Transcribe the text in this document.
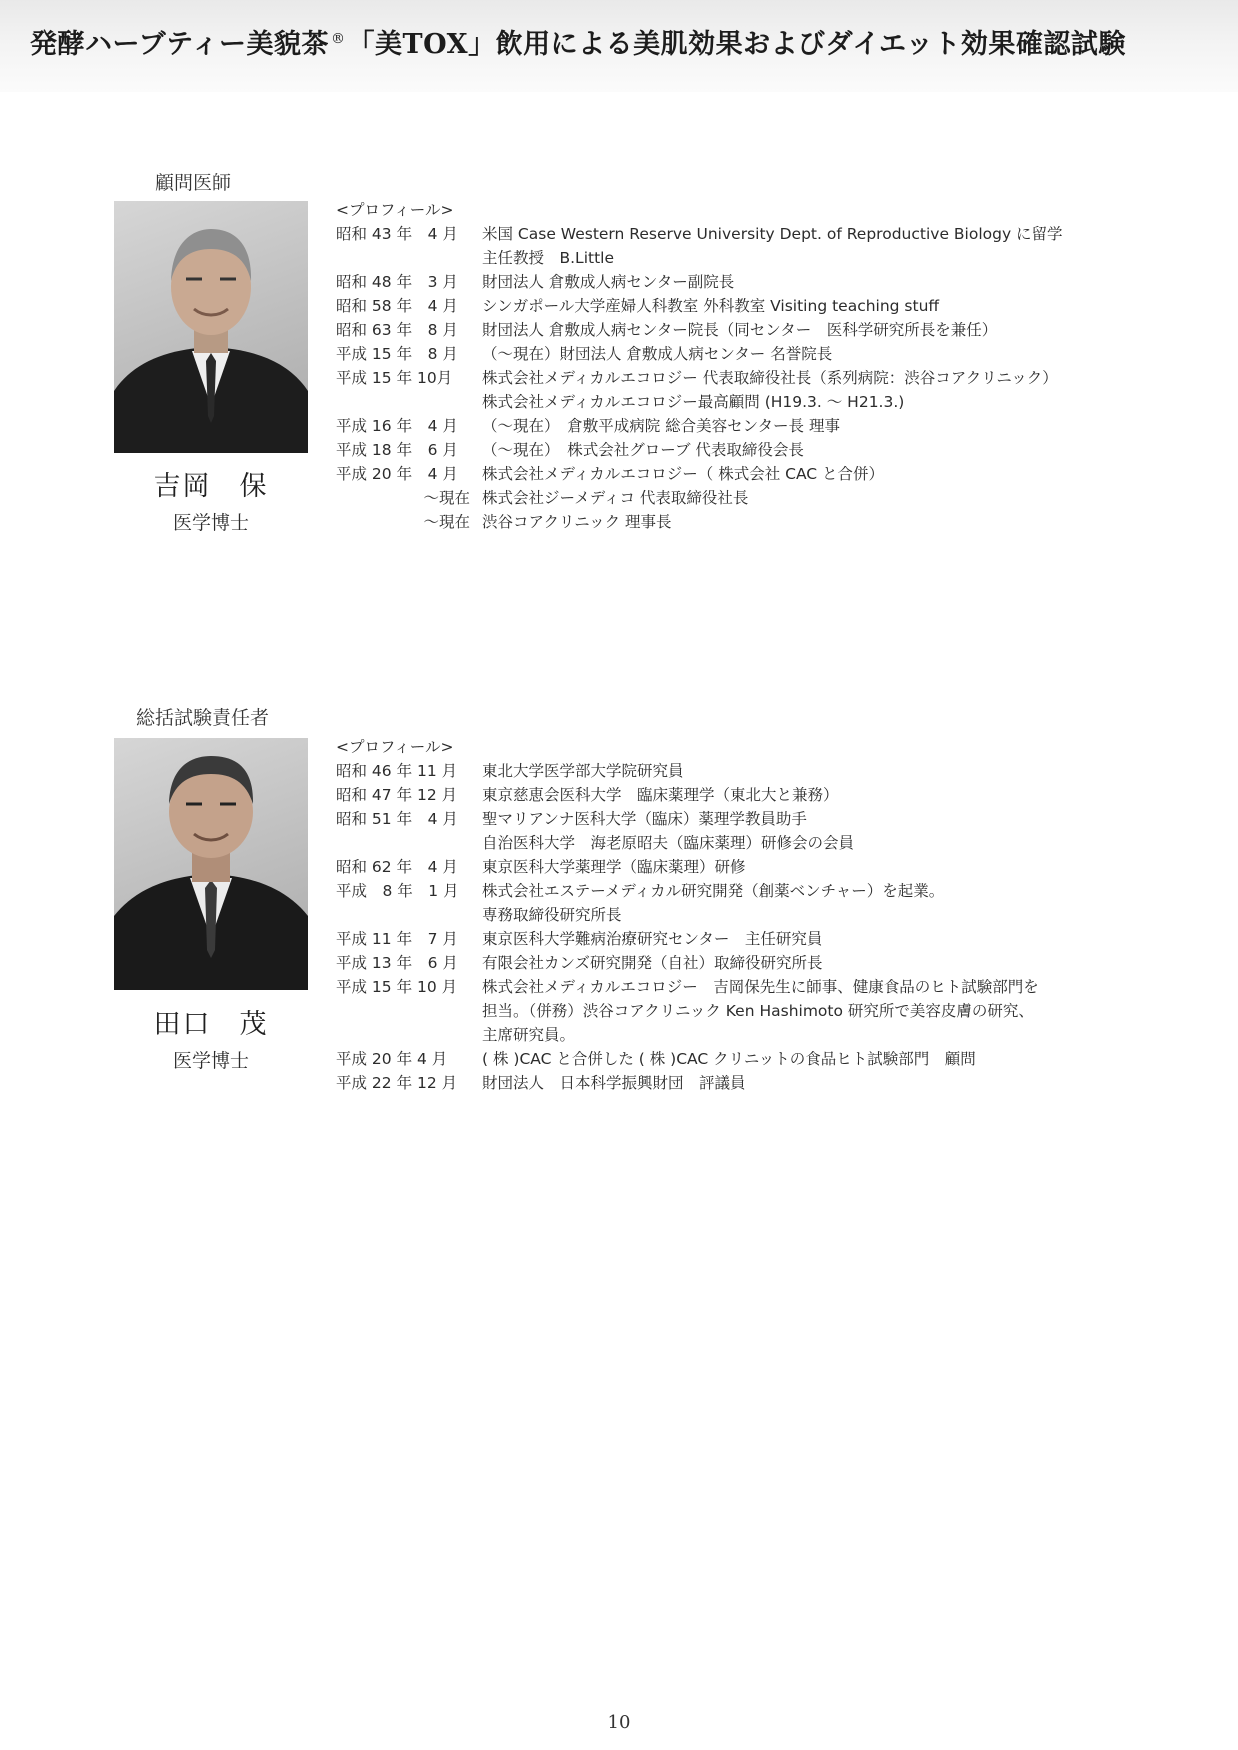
発酵ハーブティー美貌茶 ®「美TOX」飲用による美肌効果およびダイエット効果確認試験
顧問医師
吉岡 保
医学博士
<プロフィール>
昭和 43 年　4 月	米国 Case Western Reserve University Dept. of Reproductive Biology に留学
主任教授　B.Little
昭和 48 年　3 月	財団法人 倉敷成人病センター副院長
昭和 58 年　4 月	シンガポール大学産婦人科教室 外科教室 Visiting teaching stuff
昭和 63 年　8 月	財団法人 倉敷成人病センター院長（同センター　医科学研究所長を兼任）
平成 15 年　8 月	（～現在）財団法人 倉敷成人病センター 名誉院長
平成 15 年 10月	株式会社メディカルエコロジー 代表取締役社長（系列病院：渋谷コアクリニック）
株式会社メディカルエコロジー最高顧問 (H19.3. ～ H21.3.)
平成 16 年　4 月	（～現在）　倉敷平成病院 総合美容センター長 理事
平成 18 年　6 月	（～現在）　株式会社グローブ 代表取締役会長
平成 20 年　4 月	株式会社メディカルエコロジー（ 株式会社 CAC と合併）
～現在 株式会社ジーメディコ 代表取締役社長
～現在 渋谷コアクリニック 理事長
総括試験責任者
田口 茂
医学博士
<プロフィール>
昭和 46 年 11 月	東北大学医学部大学院研究員
昭和 47 年 12 月	東京慈恵会医科大学　臨床薬理学（東北大と兼務）
昭和 51 年　4 月	聖マリアンナ医科大学（臨床）薬理学教員助手
自治医科大学　海老原昭夫（臨床薬理）研修会の会員
昭和 62 年　4 月	東京医科大学薬理学（臨床薬理）研修
平成　8 年　1 月	株式会社エステーメディカル研究開発（創薬ベンチャー）を起業。
専務取締役研究所長
平成 11 年　7 月	東京医科大学難病治療研究センター　主任研究員
平成 13 年　6 月	有限会社カンズ研究開発（自社）取締役研究所長
平成 15 年 10 月	株式会社メディカルエコロジー　吉岡保先生に師事、健康食品のヒト試験部門を
担当。（併務）渋谷コアクリニック Ken Hashimoto 研究所で美容皮膚の研究、
主席研究員。
平成 20 年 4 月	( 株 )CAC と合併した ( 株 )CAC クリニットの食品ヒト試験部門　顧問
平成 22 年 12 月	財団法人　日本科学振興財団　評議員
10
